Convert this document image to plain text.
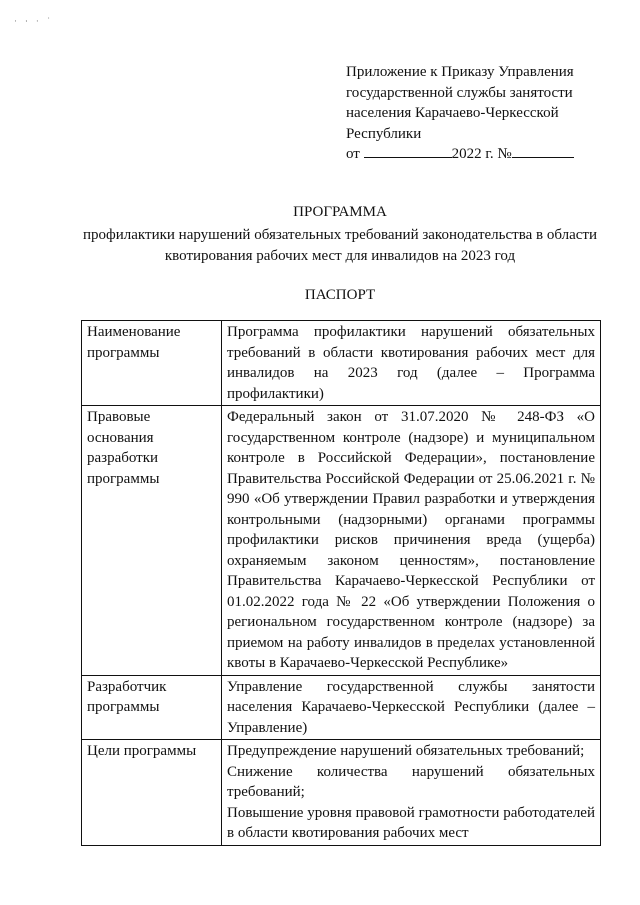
· ⸱ · ˙
Приложение к Приказу Управления
государственной службы занятости
населения Карачаево-Черкесской
Республики
от	2022 г. №
ПРОГРАММА
профилактики нарушений обязательных требований законодательства в области квотирования рабочих мест для инвалидов на 2023 год
ПАСПОРТ
Наименование программы	Программа профилактики нарушений обязательных требований в области квотирования рабочих мест для инвалидов на 2023 год (далее – Программа профилактики)
Правовые основания разработки программы	Федеральный закон от 31.07.2020 № 248-ФЗ «О государственном контроле (надзоре) и муниципальном контроле в Российской Федерации», постановление Правительства Российской Федерации от 25.06.2021 г. № 990 «Об утверждении Правил разработки и утверждения контрольными (надзорными) органами программы профилактики рисков причинения вреда (ущерба) охраняемым законом ценностям», постановление Правительства Карачаево-Черкесской Республики от 01.02.2022 года № 22 «Об утверждении Положения о региональном государственном контроле (надзоре) за приемом на работу инвалидов в пределах установленной квоты в Карачаево-Черкесской Республике»
Разработчик программы	Управление государственной службы занятости населения Карачаево-Черкесской Республики (далее – Управление)
Цели программы	Предупреждение нарушений обязательных требований;
Снижение количества нарушений обязательных требований;
Повышение уровня правовой грамотности работодателей в области квотирования рабочих мест
